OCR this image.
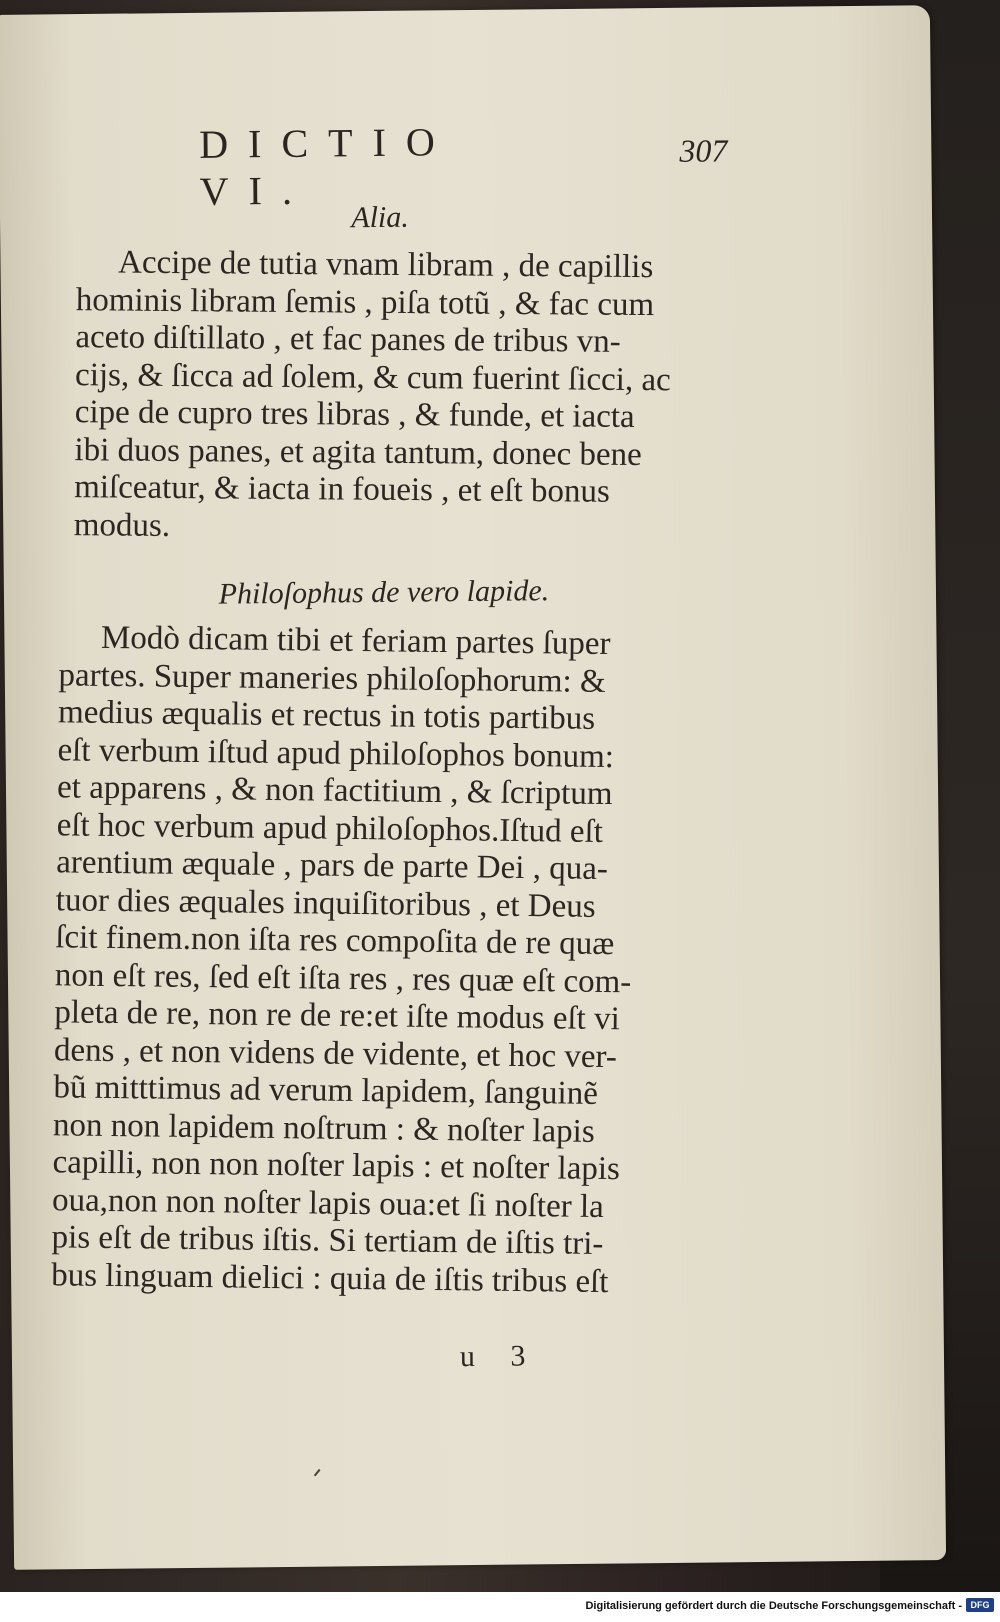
DICTIO VI.
307
Alia.
Accipe de tutia vnam libram , de capillis
hominis libram ſemis , piſa totũ , & fac cum
aceto diſtillato , et fac panes de tribus vn-
cijs, & ſicca ad ſolem, & cum fuerint ſicci, ac
cipe de cupro tres libras , & funde, et iacta
ibi duos panes, et agita tantum, donec bene
miſceatur, & iacta in foueis , et eſt bonus
modus.
Philoſophus de vero lapide.
Modò dicam tibi et feriam partes ſuper
partes. Super maneries philoſophorum: &
medius æqualis et rectus in totis partibus
eſt verbum iſtud apud philoſophos bonum:
et apparens , & non factitium , & ſcriptum
eſt hoc verbum apud philoſophos.Iſtud eſt
arentium æquale , pars de parte Dei , qua-
tuor dies æquales inquiſitoribus , et Deus
ſcit finem.non iſta res compoſita de re quæ
non eſt res, ſed eſt iſta res , res quæ eſt com-
pleta de re, non re de re:et iſte modus eſt vi
dens , et non videns de vidente, et hoc ver-
bũ mitttimus ad verum lapidem, ſanguinẽ
non non lapidem noſtrum : & noſter lapis
capilli, non non noſter lapis : et noſter lapis
oua,non non noſter lapis oua:et ſi noſter la
pis eſt de tribus iſtis. Si tertiam de iſtis tri-
bus linguam dielici : quia de iſtis tribus eſt
u 3
Digitalisierung gefördert durch die Deutsche Forschungsgemeinschaft - DFG
